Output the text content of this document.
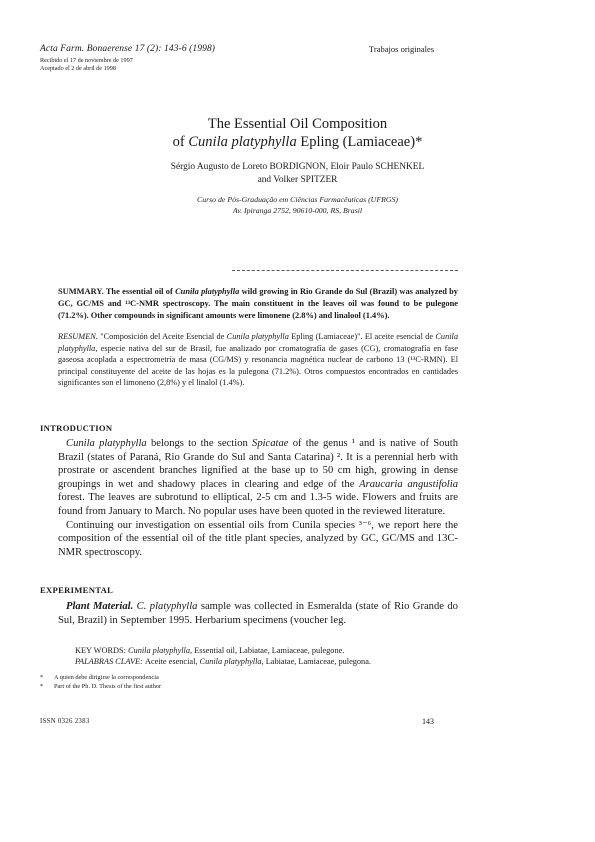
Acta Farm. Bonaerense 17 (2): 143-6 (1998)	Trabajos originales
Recibido el 17 de noviembre de 1997
Aceptado el 2 de abril de 1998
The Essential Oil Composition
of Cunila platyphylla Epling (Lamiaceae)*
Sérgio Augusto de Loreto BORDIGNON, Eloir Paulo SCHENKEL
and Volker SPITZER
Curso de Pós-Graduação em Ciências Farmacêuticas (UFRGS)
Av. Ipiranga 2752, 90610-000, RS, Brasil
SUMMARY. The essential oil of Cunila platyphylla wild growing in Rio Grande do Sul (Brazil) was analyzed by GC, GC/MS and ¹³C-NMR spectroscopy. The main constituent in the leaves oil was found to be pulegone (71.2%). Other compounds in significant amounts were limonene (2.8%) and linalool (1.4%).
RESUMEN. "Composición del Aceite Esencial de Cunila platyphylla Epling (Lamiaceae)". El aceite esencial de Cunila platyphylla, especie nativa del sur de Brasil, fue analizado por cromatografía de gases (CG), cromatografía en fase gaseosa acoplada a espectrometría de masa (CG/MS) y resonancia magnética nuclear de carbono 13 (¹³C-RMN). El principal constituyente del aceite de las hojas es la pulegona (71.2%). Otros compuestos encontrados en cantidades significantes son el limoneno (2,8%) y el linalol (1.4%).
INTRODUCTION
Cunila platyphylla belongs to the section Spicatae of the genus ¹ and is native of South Brazil (states of Paraná, Rio Grande do Sul and Santa Catarina) ². It is a perennial herb with prostrate or ascendent branches lignified at the base up to 50 cm high, growing in dense groupings in wet and shadowy places in clearing and edge of the Araucaria angustifolia forest. The leaves are subrotund to elliptical, 2-5 cm and 1.3-5 wide. Flowers and fruits are found from January to March. No popular uses have been quoted in the reviewed literature.
Continuing our investigation on essential oils from Cunila species ³⁻⁶, we report here the composition of the essential oil of the title plant species, analyzed by GC, GC/MS and 13C-NMR spectroscopy.
EXPERIMENTAL
Plant Material. C. platyphylla sample was collected in Esmeralda (state of Rio Grande do Sul, Brazil) in September 1995. Herbarium specimens (voucher leg.
KEY WORDS: Cunila platyphylla, Essential oil, Labiatae, Lamiaceae, pulegone.
PALABRAS CLAVE: Aceite esencial, Cunila platyphylla, Labiatae, Lamiaceae, pulegona.
* A quien debe dirigirse la correspondencia
* Part of the Ph. D. Thesis of the first author
ISSN 0326 2383	143
